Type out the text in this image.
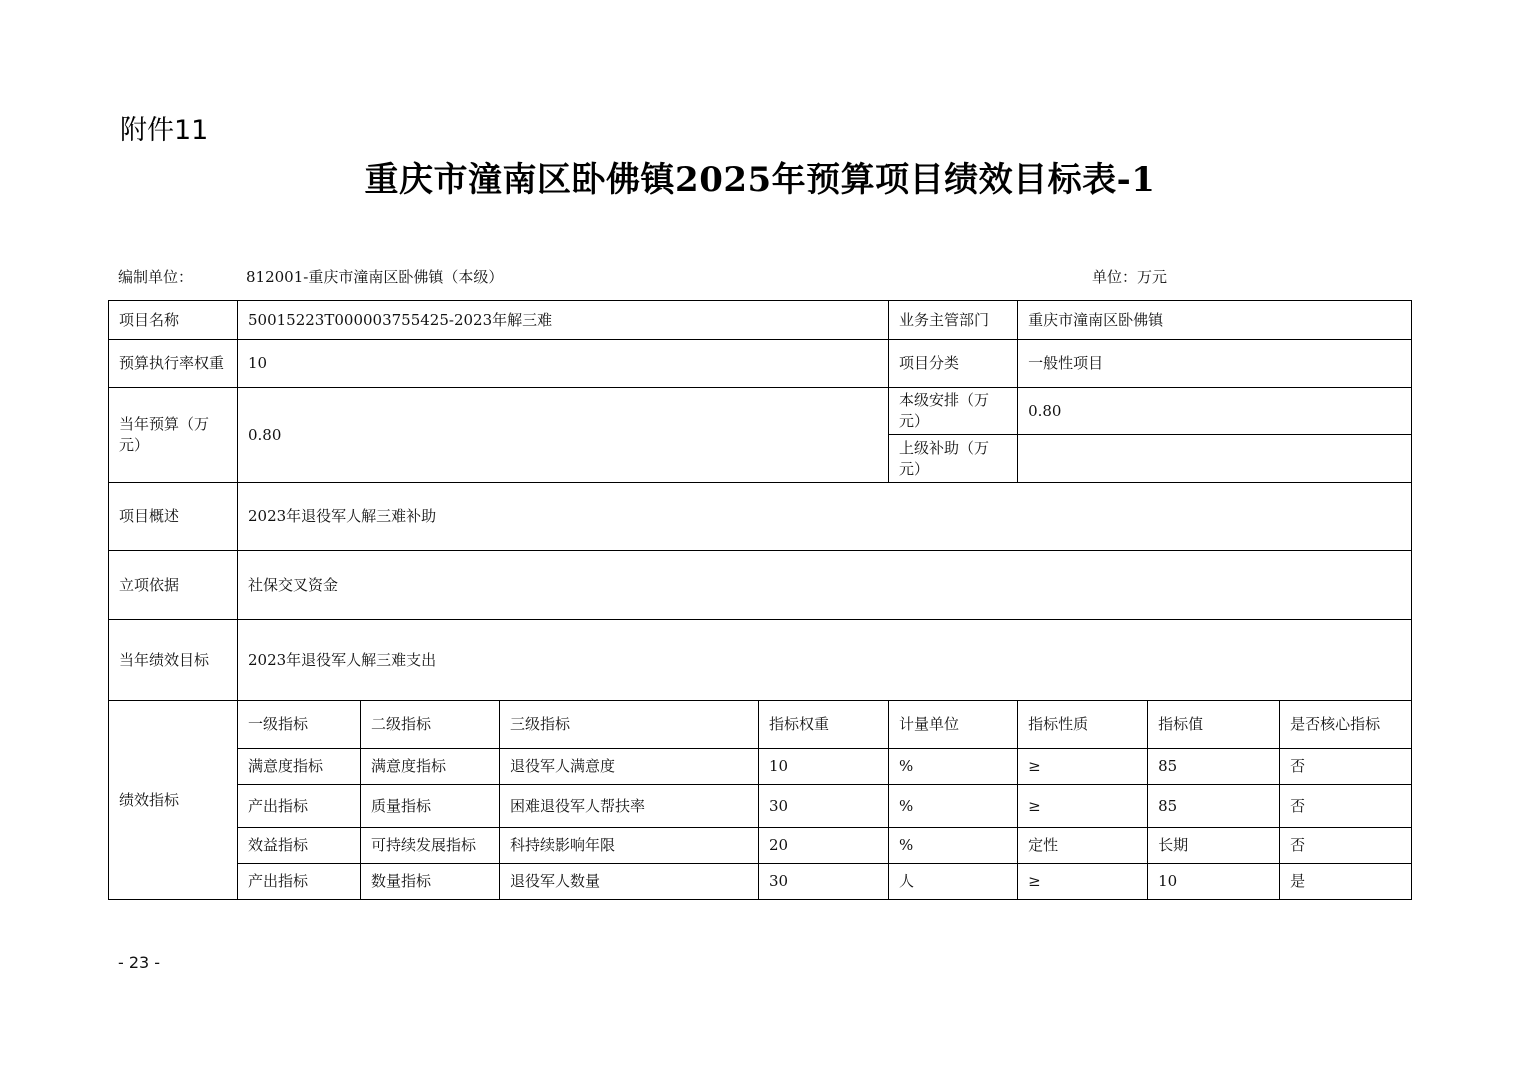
附件11
重庆市潼南区卧佛镇2025年预算项目绩效目标表-1
编制单位：	812001-重庆市潼南区卧佛镇（本级）	单位：万元
项目名称	50015223T000003755425-2023年解三难				业务主管部门	重庆市潼南区卧佛镇		
预算执行率权重	10				项目分类	一般性项目		
当年预算（万元）	0.80				本级安排（万元）	0.80		
					上级补助（万元）			
项目概述	2023年退役军人解三难补助							
立项依据	社保交叉资金							
当年绩效目标	2023年退役军人解三难支出							
绩效指标	一级指标	二级指标	三级指标	指标权重	计量单位	指标性质	指标值	是否核心指标
	满意度指标	满意度指标	退役军人满意度	10	%	≥	85	否
	产出指标	质量指标	困难退役军人帮扶率	30	%	≥	85	否
	效益指标	可持续发展指标	科持续影响年限	20	%	定性	长期	否
	产出指标	数量指标	退役军人数量	30	人	≥	10	是
- 23 -
